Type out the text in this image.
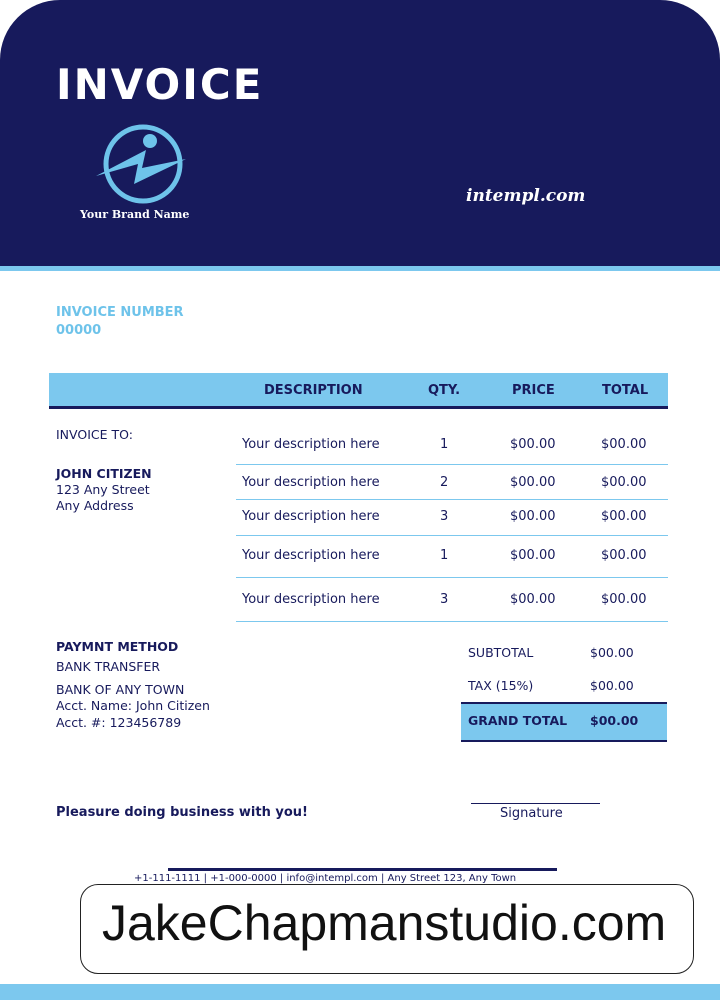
INVOICE
Your Brand Name
intempl.com
INVOICE NUMBER
00000
DESCRIPTION	QTY.	PRICE	TOTAL
INVOICE TO:
JOHN CITIZEN
123 Any Street
Any Address
Your description here	1	$00.00	$00.00
Your description here	2	$00.00	$00.00
Your description here	3	$00.00	$00.00
Your description here	1	$00.00	$00.00
Your description here	3	$00.00	$00.00
PAYMNT METHOD
BANK TRANSFER
BANK OF ANY TOWN
Acct. Name: John Citizen
Acct. #: 123456789
SUBTOTAL	$00.00
TAX (15%)	$00.00
GRAND TOTAL $00.00
Pleasure doing business with you!	Signature
+1-111-1111 | +1-000-0000 | info@intempl.com | Any Street 123, Any Town
JakeChapmanstudio.com
